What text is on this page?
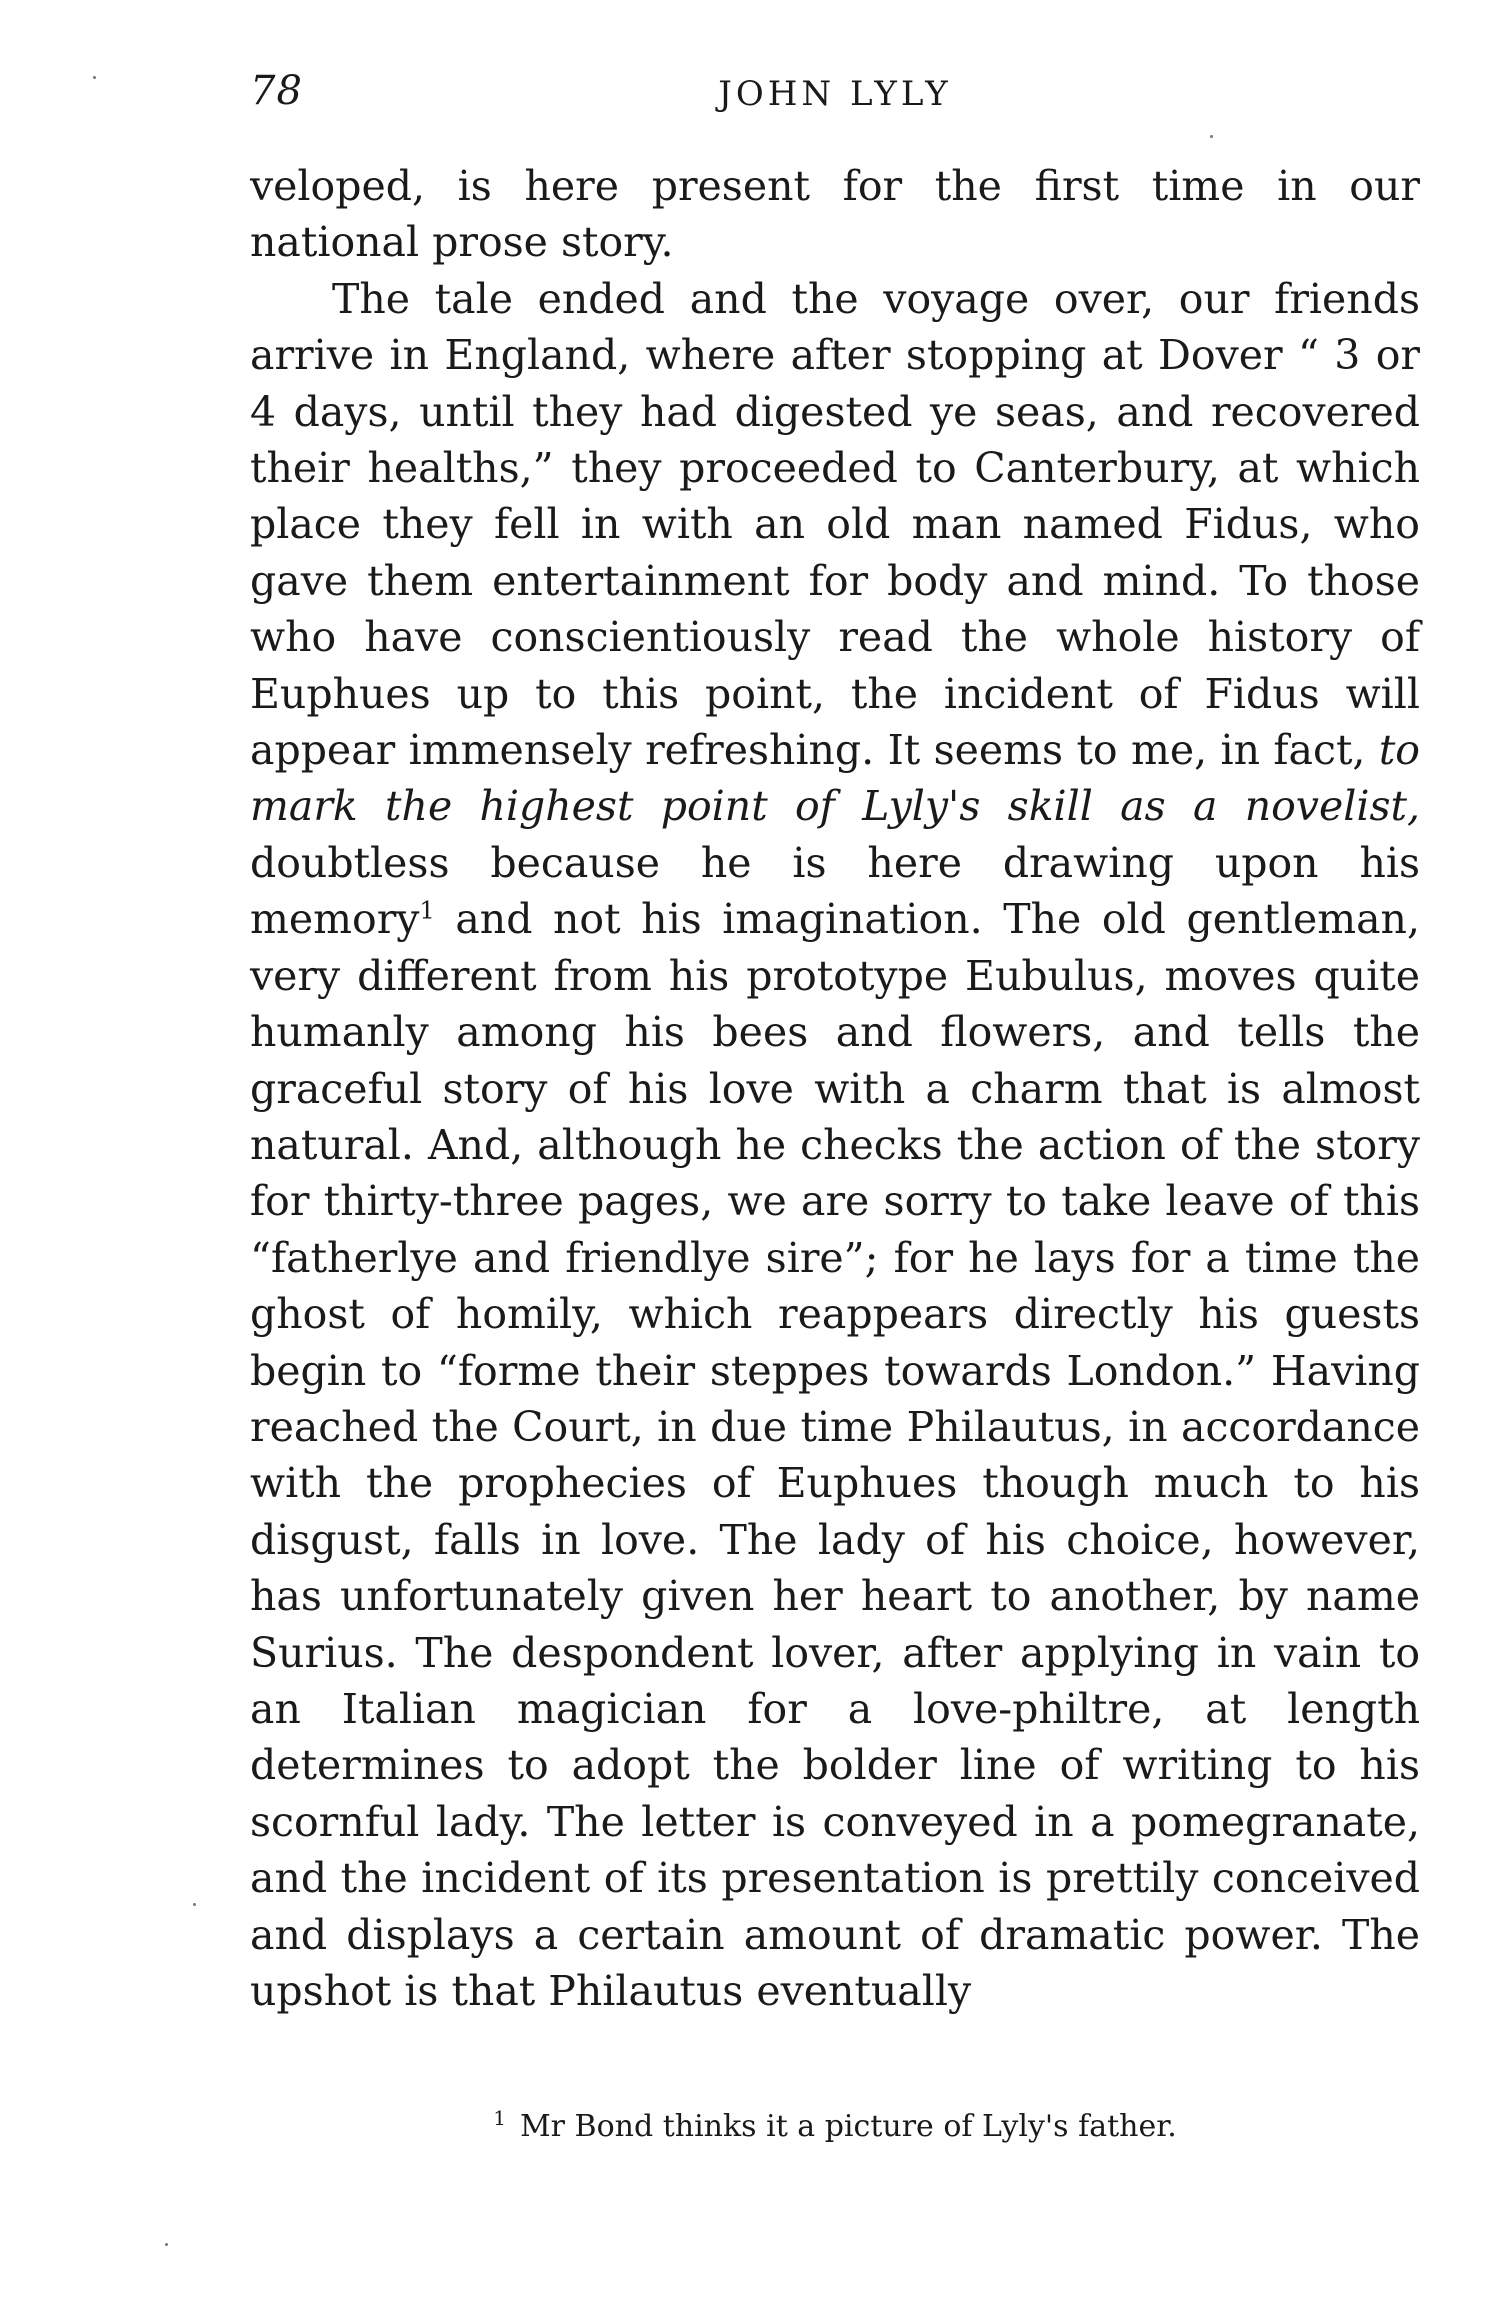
78	JOHN LYLY

veloped, is here present for the first time in our national prose story.

The tale ended and the voyage over, our friends arrive in England, where after stopping at Dover “ 3 or 4 days, until they had digested ye seas, and recovered their healths,” they proceeded to Canterbury, at which place they fell in with an old man named Fidus, who gave them entertainment for body and mind. To those who have conscientiously read the whole history of Euphues up to this point, the incident of Fidus will appear immensely refreshing. It seems to me, in fact, to mark the highest point of Lyly's skill as a novelist, doubtless because he is here drawing upon his memory$^1$ and not his imagination. The old gentleman, very different from his prototype Eubulus, moves quite humanly among his bees and flowers, and tells the graceful story of his love with a charm that is almost natural. And, although he checks the action of the story for thirty-three pages, we are sorry to take leave of this “fatherlye and friendlye sire”; for he lays for a time the ghost of homily, which reappears directly his guests begin to “forme their steppes towards London.” Having reached the Court, in due time Philautus, in accordance with the prophecies of Euphues though much to his disgust, falls in love. The lady of his choice, however, has unfortunately given her heart to another, by name Surius. The despondent lover, after applying in vain to an Italian magician for a love-philtre, at length determines to adopt the bolder line of writing to his scornful lady. The letter is conveyed in a pomegranate, and the incident of its presentation is prettily conceived and displays a certain amount of dramatic power. The upshot is that Philautus eventually

$^1$ Mr Bond thinks it a picture of Lyly's father.
